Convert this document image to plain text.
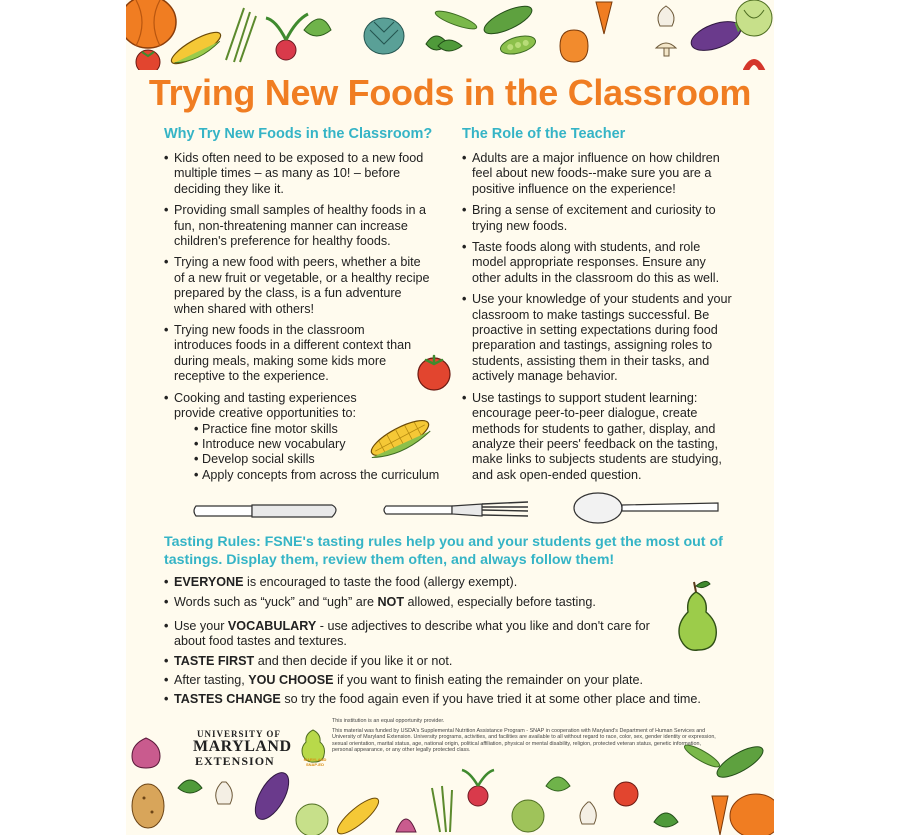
Trying New Foods in the Classroom
Why Try New Foods in the Classroom?
• Kids often need to be exposed to a new food multiple times – as many as 10! – before deciding they like it.
• Providing small samples of healthy foods in a fun, non-threatening manner can increase children's preference for healthy foods.
• Trying a new food with peers, whether a bite of a new fruit or vegetable, or a healthy recipe prepared by the class, is a fun adventure when shared with others!
• Trying new foods in the classroom introduces foods in a different context than during meals, making some kids more receptive to the experience.
• Cooking and tasting experiences provide creative opportunities to:
• Practice fine motor skills
• Introduce new vocabulary
• Develop social skills
• Apply concepts from across the curriculum
The Role of the Teacher
• Adults are a major influence on how children feel about new foods--make sure you are a positive influence on the experience!
• Bring a sense of excitement and curiosity to trying new foods.
• Taste foods along with students, and role model appropriate responses. Ensure any other adults in the classroom do this as well.
• Use your knowledge of your students and your classroom to make tastings successful. Be proactive in setting expectations during food preparation and tastings, assigning roles to students, assisting them in their tasks, and actively manage behavior.
• Use tastings to support student learning: encourage peer-to-peer dialogue, create methods for students to gather, display, and analyze their peers' feedback on the tasting, make links to subjects students are studying, and ask open-ended question.
Tasting Rules: FSNE's tasting rules help you and your students get the most out of tastings. Display them, review them often, and always follow them!
• EVERYONE is encouraged to taste the food (allergy exempt).
• Words such as “yuck” and “ugh” are NOT allowed, especially before tasting.
• Use your VOCABULARY - use adjectives to describe what you like and don't care for about food tastes and textures.
• TASTE FIRST and then decide if you like it or not.
• After tasting, YOU CHOOSE if you want to finish eating the remainder on your plate.
• TASTES CHANGE so try the food again even if you have tried it at some other place and time.
UNIVERSITY OF
MARYLAND
EXTENSION	MARYLAND
SNAP-ED
This institution is an equal opportunity provider.
This material was funded by USDA's Supplemental Nutrition Assistance Program - SNAP in cooperation with Maryland's Department of Human Services and University of Maryland Extension. University programs, activities, and facilities are available to all without regard to race, color, sex, gender identity or expression, sexual orientation, marital status, age, national origin, political affiliation, physical or mental disability, religion, protected veteran status, genetic information, personal appearance, or any other legally protected class.
